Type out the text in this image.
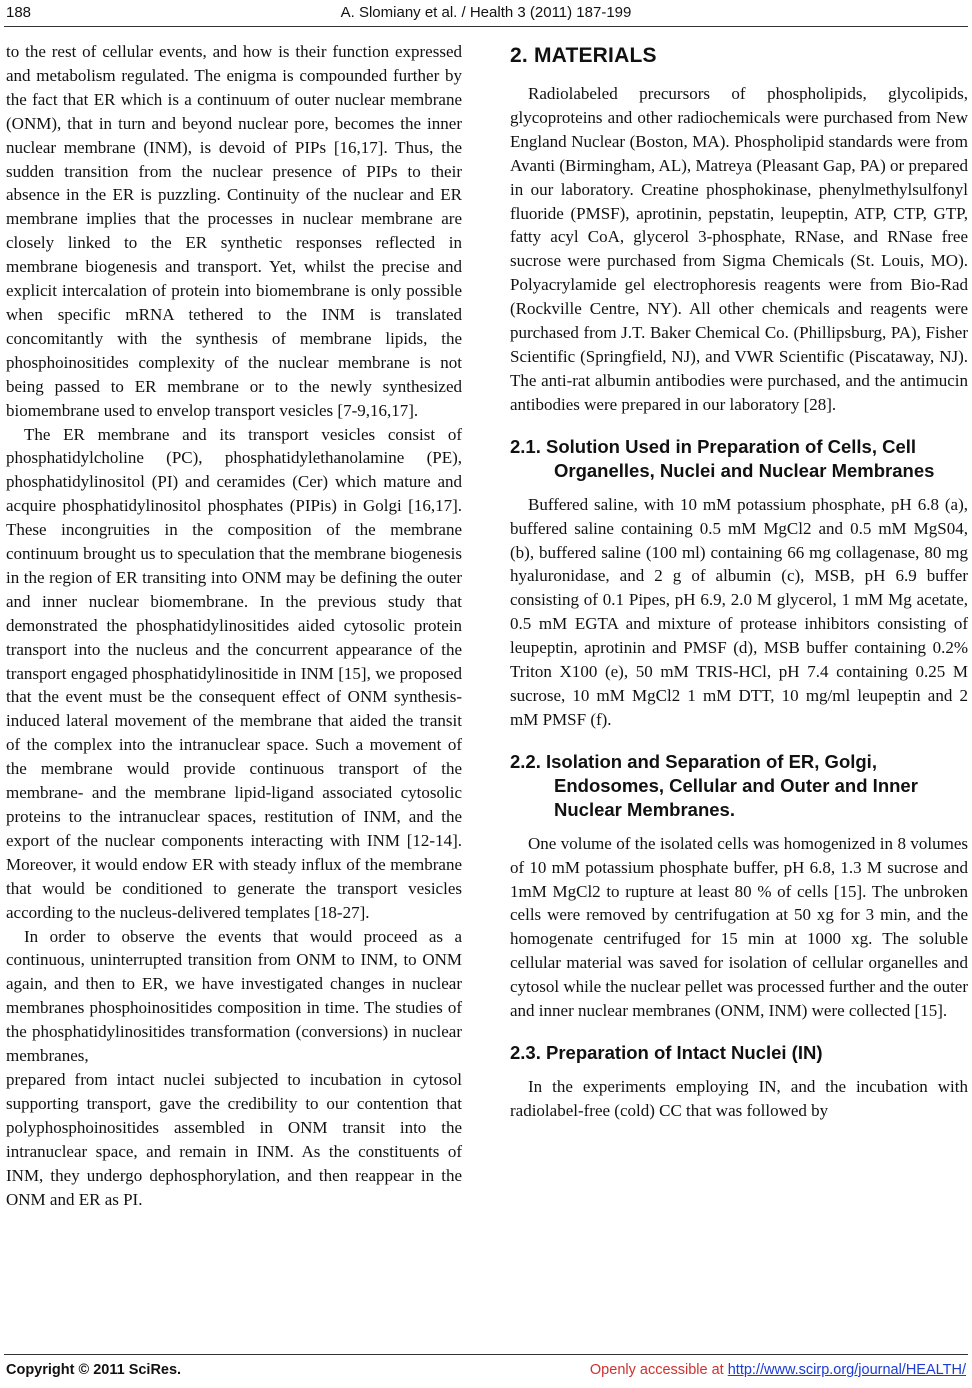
188	A. Slomiany et al. / Health 3 (2011) 187-199

to the rest of cellular events, and how is their function expressed and metabolism regulated. The enigma is compounded further by the fact that ER which is a continuum of outer nuclear membrane (ONM), that in turn and beyond nuclear pore, becomes the inner nuclear membrane (INM), is devoid of PIPs [16,17]. Thus, the sudden transition from the nuclear presence of PIPs to their absence in the ER is puzzling. Continuity of the nuclear and ER membrane implies that the processes in nuclear membrane are closely linked to the ER synthetic responses reflected in membrane biogenesis and transport. Yet, whilst the precise and explicit intercalation of protein into biomembrane is only possible when specific mRNA tethered to the INM is translated concomitantly with the synthesis of membrane lipids, the phosphoinositides complexity of the nuclear membrane is not being passed to ER membrane or to the newly synthesized biomembrane used to envelop transport vesicles [7-9,16,17].

The ER membrane and its transport vesicles consist of phosphatidylcholine (PC), phosphatidylethanolamine (PE), phosphatidylinositol (PI) and ceramides (Cer) which mature and acquire phosphatidylinositol phosphates (PIPis) in Golgi [16,17]. These incongruities in the composition of the membrane continuum brought us to speculation that the membrane biogenesis in the region of ER transiting into ONM may be defining the outer and inner nuclear biomembrane. In the previous study that demonstrated the phosphatidylinositides aided cytosolic protein transport into the nucleus and the concurrent appearance of the transport engaged phosphatidylinositide in INM [15], we proposed that the event must be the consequent effect of ONM synthesis-induced lateral movement of the membrane that aided the transit of the complex into the intranuclear space. Such a movement of the membrane would provide continuous transport of the membrane- and the membrane lipid-ligand associated cytosolic proteins to the intranuclear spaces, restitution of INM, and the export of the nuclear components interacting with INM [12-14]. Moreover, it would endow ER with steady influx of the membrane that would be conditioned to generate the transport vesicles according to the nucleus-delivered templates [18-27].

In order to observe the events that would proceed as a continuous, uninterrupted transition from ONM to INM, to ONM again, and then to ER, we have investigated changes in nuclear membranes phosphoinositides composition in time. The studies of the phosphatidylinositides transformation (conversions) in nuclear membranes,

prepared from intact nuclei subjected to incubation in cytosol supporting transport, gave the credibility to our contention that polyphosphoinositides assembled in ONM transit into the intranuclear space, and remain in INM. As the constituents of INM, they undergo dephosphorylation, and then reappear in the ONM and ER as PI.

2. MATERIALS

Radiolabeled precursors of phospholipids, glycolipids, glycoproteins and other radiochemicals were purchased from New England Nuclear (Boston, MA). Phospholipid standards were from Avanti (Birmingham, AL), Matreya (Pleasant Gap, PA) or prepared in our laboratory. Creatine phosphokinase, phenylmethylsulfonyl fluoride (PMSF), aprotinin, pepstatin, leupeptin, ATP, CTP, GTP, fatty acyl CoA, glycerol 3-phosphate, RNase, and RNase free sucrose were purchased from Sigma Chemicals (St. Louis, MO). Polyacrylamide gel electrophoresis reagents were from Bio-Rad (Rockville Centre, NY). All other chemicals and reagents were purchased from J.T. Baker Chemical Co. (Phillipsburg, PA), Fisher Scientific (Springfield, NJ), and VWR Scientific (Piscataway, NJ). The anti-rat albumin antibodies were purchased, and the antimucin antibodies were prepared in our laboratory [28].

2.1. Solution Used in Preparation of Cells, Cell Organelles, Nuclei and Nuclear Membranes

Buffered saline, with 10 mM potassium phosphate, pH 6.8 (a), buffered saline containing 0.5 mM MgCl2 and 0.5 mM MgS04, (b), buffered saline (100 ml) containing 66 mg collagenase, 80 mg hyaluronidase, and 2 g of albumin (c), MSB, pH 6.9 buffer consisting of 0.1 Pipes, pH 6.9, 2.0 M glycerol, 1 mM Mg acetate, 0.5 mM EGTA and mixture of protease inhibitors consisting of leupeptin, aprotinin and PMSF (d), MSB buffer containing 0.2% Triton X100 (e), 50 mM TRIS-HCl, pH 7.4 containing 0.25 M sucrose, 10 mM MgCl2 1 mM DTT, 10 mg/ml leupeptin and 2 mM PMSF (f).

2.2. Isolation and Separation of ER, Golgi, Endosomes, Cellular and Outer and Inner Nuclear Membranes.

One volume of the isolated cells was homogenized in 8 volumes of 10 mM potassium phosphate buffer, pH 6.8, 1.3 M sucrose and 1mM MgCl2 to rupture at least 80 % of cells [15]. The unbroken cells were removed by centrifugation at 50 xg for 3 min, and the homogenate centrifuged for 15 min at 1000 xg. The soluble cellular material was saved for isolation of cellular organelles and cytosol while the nuclear pellet was processed further and the outer and inner nuclear membranes (ONM, INM) were collected [15].

2.3. Preparation of Intact Nuclei (IN)

In the experiments employing IN, and the incubation with radiolabel-free (cold) CC that was followed by

Copyright © 2011 SciRes.	Openly accessible at http://www.scirp.org/journal/HEALTH/
